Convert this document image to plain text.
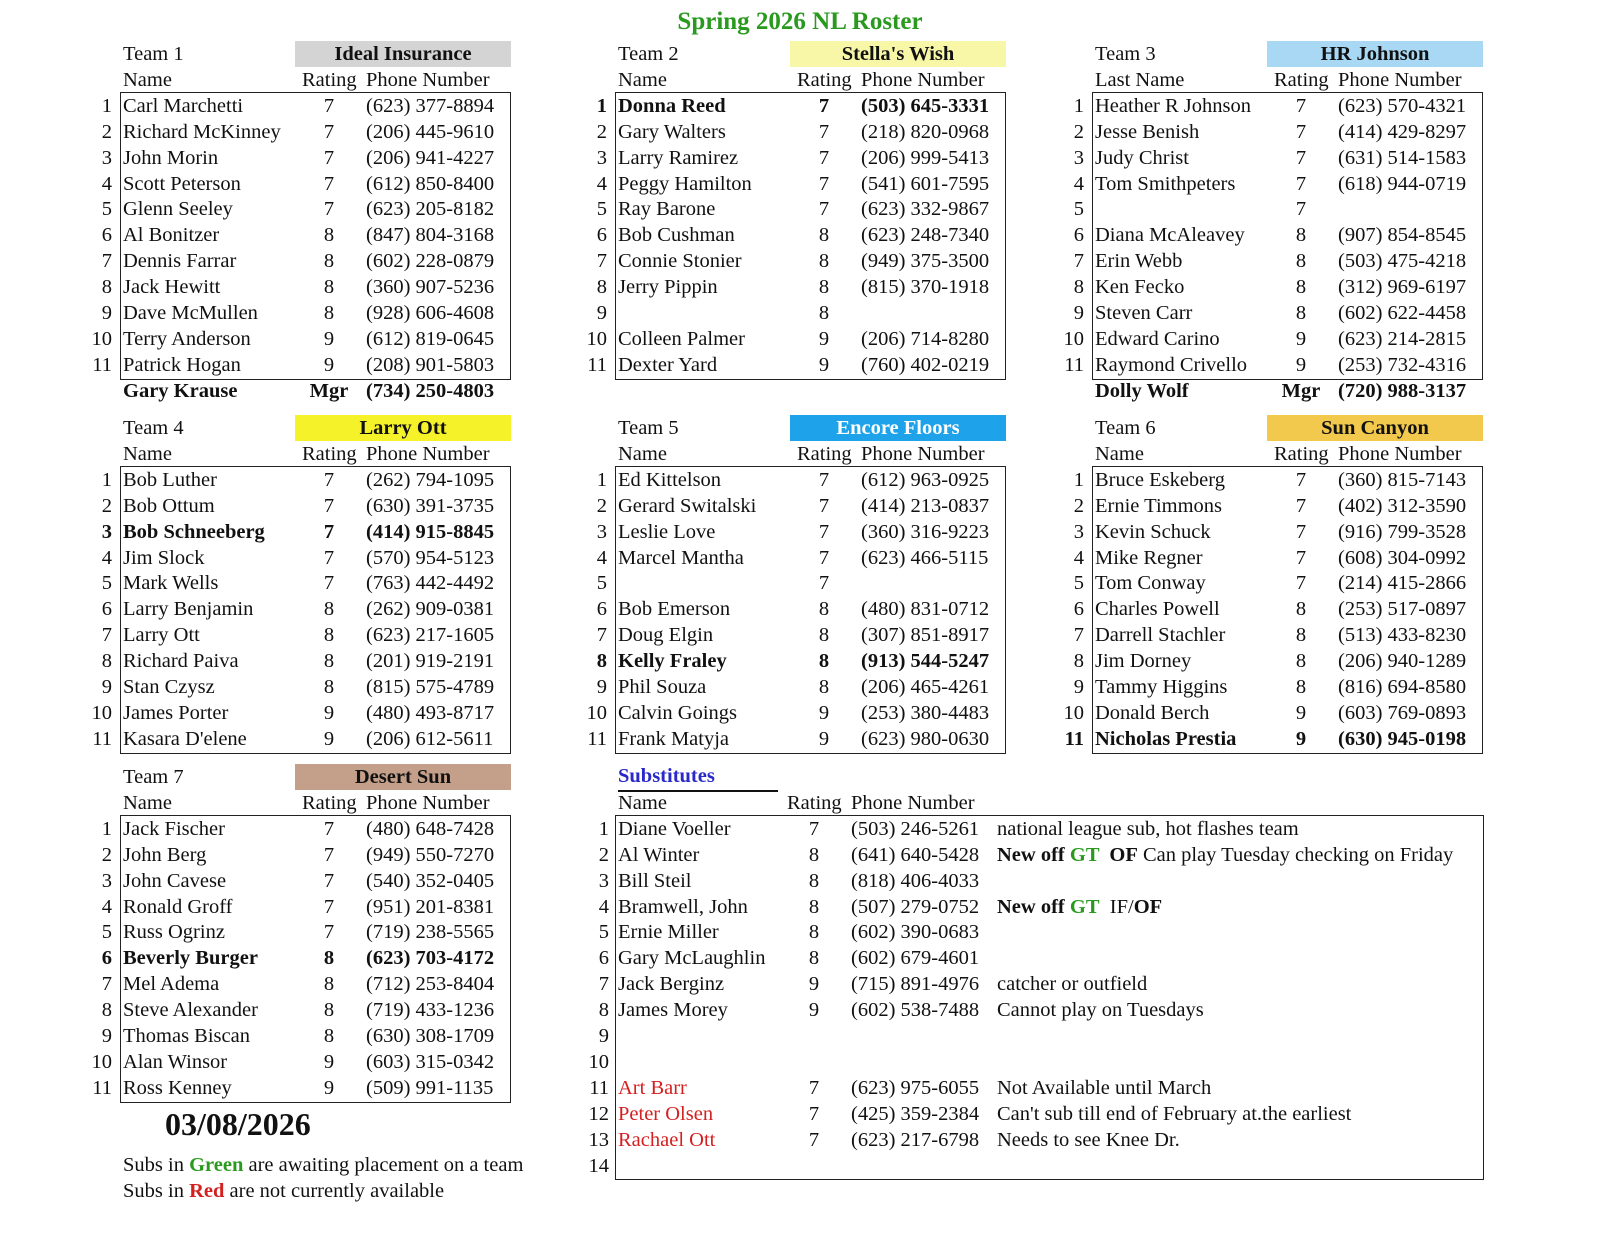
Spring 2026 NL Roster
Team 1	Ideal Insurance
Name	Rating Phone Number
1 Carl Marchetti	7	(623) 377-8894
2 Richard McKinney	7	(206) 445-9610
3 John Morin	7	(206) 941-4227
4 Scott Peterson	7	(612) 850-8400
5 Glenn Seeley	7	(623) 205-8182
6 Al Bonitzer	8	(847) 804-3168
7 Dennis Farrar	8	(602) 228-0879
8 Jack Hewitt	8	(360) 907-5236
9 Dave McMullen	8	(928) 606-4608
10 Terry Anderson	9	(612) 819-0645
11 Patrick Hogan	9	(208) 901-5803
Gary Krause	Mgr (734) 250-4803
Team 2	Stella's Wish
Name	Rating Phone Number
1 Donna Reed	7	(503) 645-3331
2 Gary Walters	7	(218) 820-0968
3 Larry Ramirez	7	(206) 999-5413
4 Peggy Hamilton	7	(541) 601-7595
5 Ray Barone	7	(623) 332-9867
6 Bob Cushman	8	(623) 248-7340
7 Connie Stonier	8	(949) 375-3500
8 Jerry Pippin	8	(815) 370-1918
9	8
10 Colleen Palmer	9	(206) 714-8280
11 Dexter Yard	9	(760) 402-0219
Team 3	HR Johnson
Last Name	Rating Phone Number
1 Heather R Johnson	7	(623) 570-4321
2 Jesse Benish	7	(414) 429-8297
3 Judy Christ	7	(631) 514-1583
4 Tom Smithpeters	7	(618) 944-0719
5	7
6 Diana McAleavey	8	(907) 854-8545
7 Erin Webb	8	(503) 475-4218
8 Ken Fecko	8	(312) 969-6197
9 Steven Carr	8	(602) 622-4458
10 Edward Carino	9	(623) 214-2815
11 Raymond Crivello	9	(253) 732-4316
Dolly Wolf	Mgr (720) 988-3137
Team 4	Larry Ott
Name	Rating Phone Number
1 Bob Luther	7	(262) 794-1095
2 Bob Ottum	7	(630) 391-3735
3 Bob Schneeberg	7	(414) 915-8845
4 Jim Slock	7	(570) 954-5123
5 Mark Wells	7	(763) 442-4492
6 Larry Benjamin	8	(262) 909-0381
7 Larry Ott	8	(623) 217-1605
8 Richard Paiva	8	(201) 919-2191
9 Stan Czysz	8	(815) 575-4789
10 James Porter	9	(480) 493-8717
11 Kasara D'elene	9	(206) 612-5611
Team 5	Encore Floors
Name	Rating Phone Number
1 Ed Kittelson	7	(612) 963-0925
2 Gerard Switalski	7	(414) 213-0837
3 Leslie Love	7	(360) 316-9223
4 Marcel Mantha	7	(623) 466-5115
5	7
6 Bob Emerson	8	(480) 831-0712
7 Doug Elgin	8	(307) 851-8917
8 Kelly Fraley	8	(913) 544-5247
9 Phil Souza	8	(206) 465-4261
10 Calvin Goings	9	(253) 380-4483
11 Frank Matyja	9	(623) 980-0630
Team 6	Sun Canyon
Name	Rating Phone Number
1 Bruce Eskeberg	7	(360) 815-7143
2 Ernie Timmons	7	(402) 312-3590
3 Kevin Schuck	7	(916) 799-3528
4 Mike Regner	7	(608) 304-0992
5 Tom Conway	7	(214) 415-2866
6 Charles Powell	8	(253) 517-0897
7 Darrell Stachler	8	(513) 433-8230
8 Jim Dorney	8	(206) 940-1289
9 Tammy Higgins	8	(816) 694-8580
10 Donald Berch	9	(603) 769-0893
11 Nicholas Prestia	9	(630) 945-0198
Team 7	Desert Sun
Name	Rating Phone Number
1 Jack Fischer	7	(480) 648-7428
2 John Berg	7	(949) 550-7270
3 John Cavese	7	(540) 352-0405
4 Ronald Groff	7	(951) 201-8381
5 Russ Ogrinz	7	(719) 238-5565
6 Beverly Burger	8	(623) 703-4172
7 Mel Adema	8	(712) 253-8404
8 Steve Alexander	8	(719) 433-1236
9 Thomas Biscan	8	(630) 308-1709
10 Alan Winsor	9	(603) 315-0342
11 Ross Kenney	9	(509) 991-1135
Substitutes
Name	Rating Phone Number
1 Diane Voeller	7	(503) 246-5261 national league sub, hot flashes team
2 Al Winter	8	(641) 640-5428 New off GT  OF Can play Tuesday checking on Friday
3 Bill Steil	8	(818) 406-4033
4 Bramwell, John	8	(507) 279-0752 New off GT  IF/OF
5 Ernie Miller	8	(602) 390-0683
6 Gary McLaughlin	8	(602) 679-4601
7 Jack Berginz	9	(715) 891-4976 catcher or outfield
8 James Morey	9	(602) 538-7488 Cannot play on Tuesdays
9
10
11 Art Barr	7	(623) 975-6055 Not Available until March
12 Peter Olsen	7	(425) 359-2384 Can't sub till end of February at.the earliest
13 Rachael Ott	7	(623) 217-6798 Needs to see Knee Dr.
14
03/08/2026
Subs in Green are awaiting placement on a team
Subs in Red are not currently available
